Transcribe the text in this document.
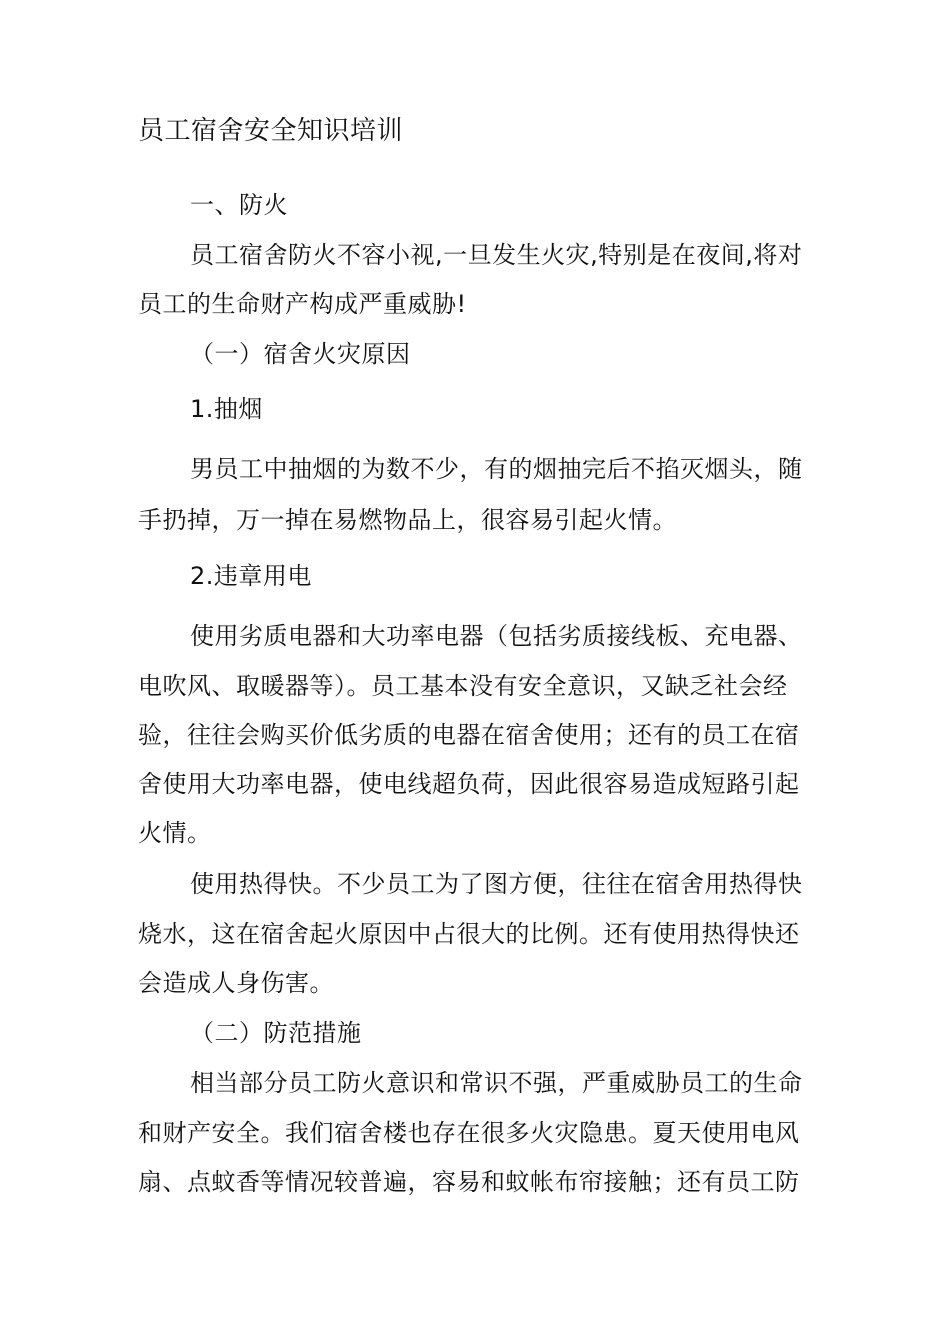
员工宿舍安全知识培训
一、防火
员工宿舍防火不容小视,一旦发生火灾,特别是在夜间,将对
员工的生命财产构成严重威胁!
（一）宿舍火灾原因
1.抽烟
男员工中抽烟的为数不少，有的烟抽完后不掐灭烟头，随
手扔掉，万一掉在易燃物品上，很容易引起火情。
2.违章用电
使用劣质电器和大功率电器（包括劣质接线板、充电器、
电吹风、取暖器等）。员工基本没有安全意识，又缺乏社会经
验，往往会购买价低劣质的电器在宿舍使用；还有的员工在宿
舍使用大功率电器，使电线超负荷，因此很容易造成短路引起
火情。
使用热得快。不少员工为了图方便，往往在宿舍用热得快
烧水，这在宿舍起火原因中占很大的比例。还有使用热得快还
会造成人身伤害。
（二）防范措施
相当部分员工防火意识和常识不强，严重威胁员工的生命
和财产安全。我们宿舍楼也存在很多火灾隐患。夏天使用电风
扇、点蚊香等情况较普遍，容易和蚊帐布帘接触；还有员工防
